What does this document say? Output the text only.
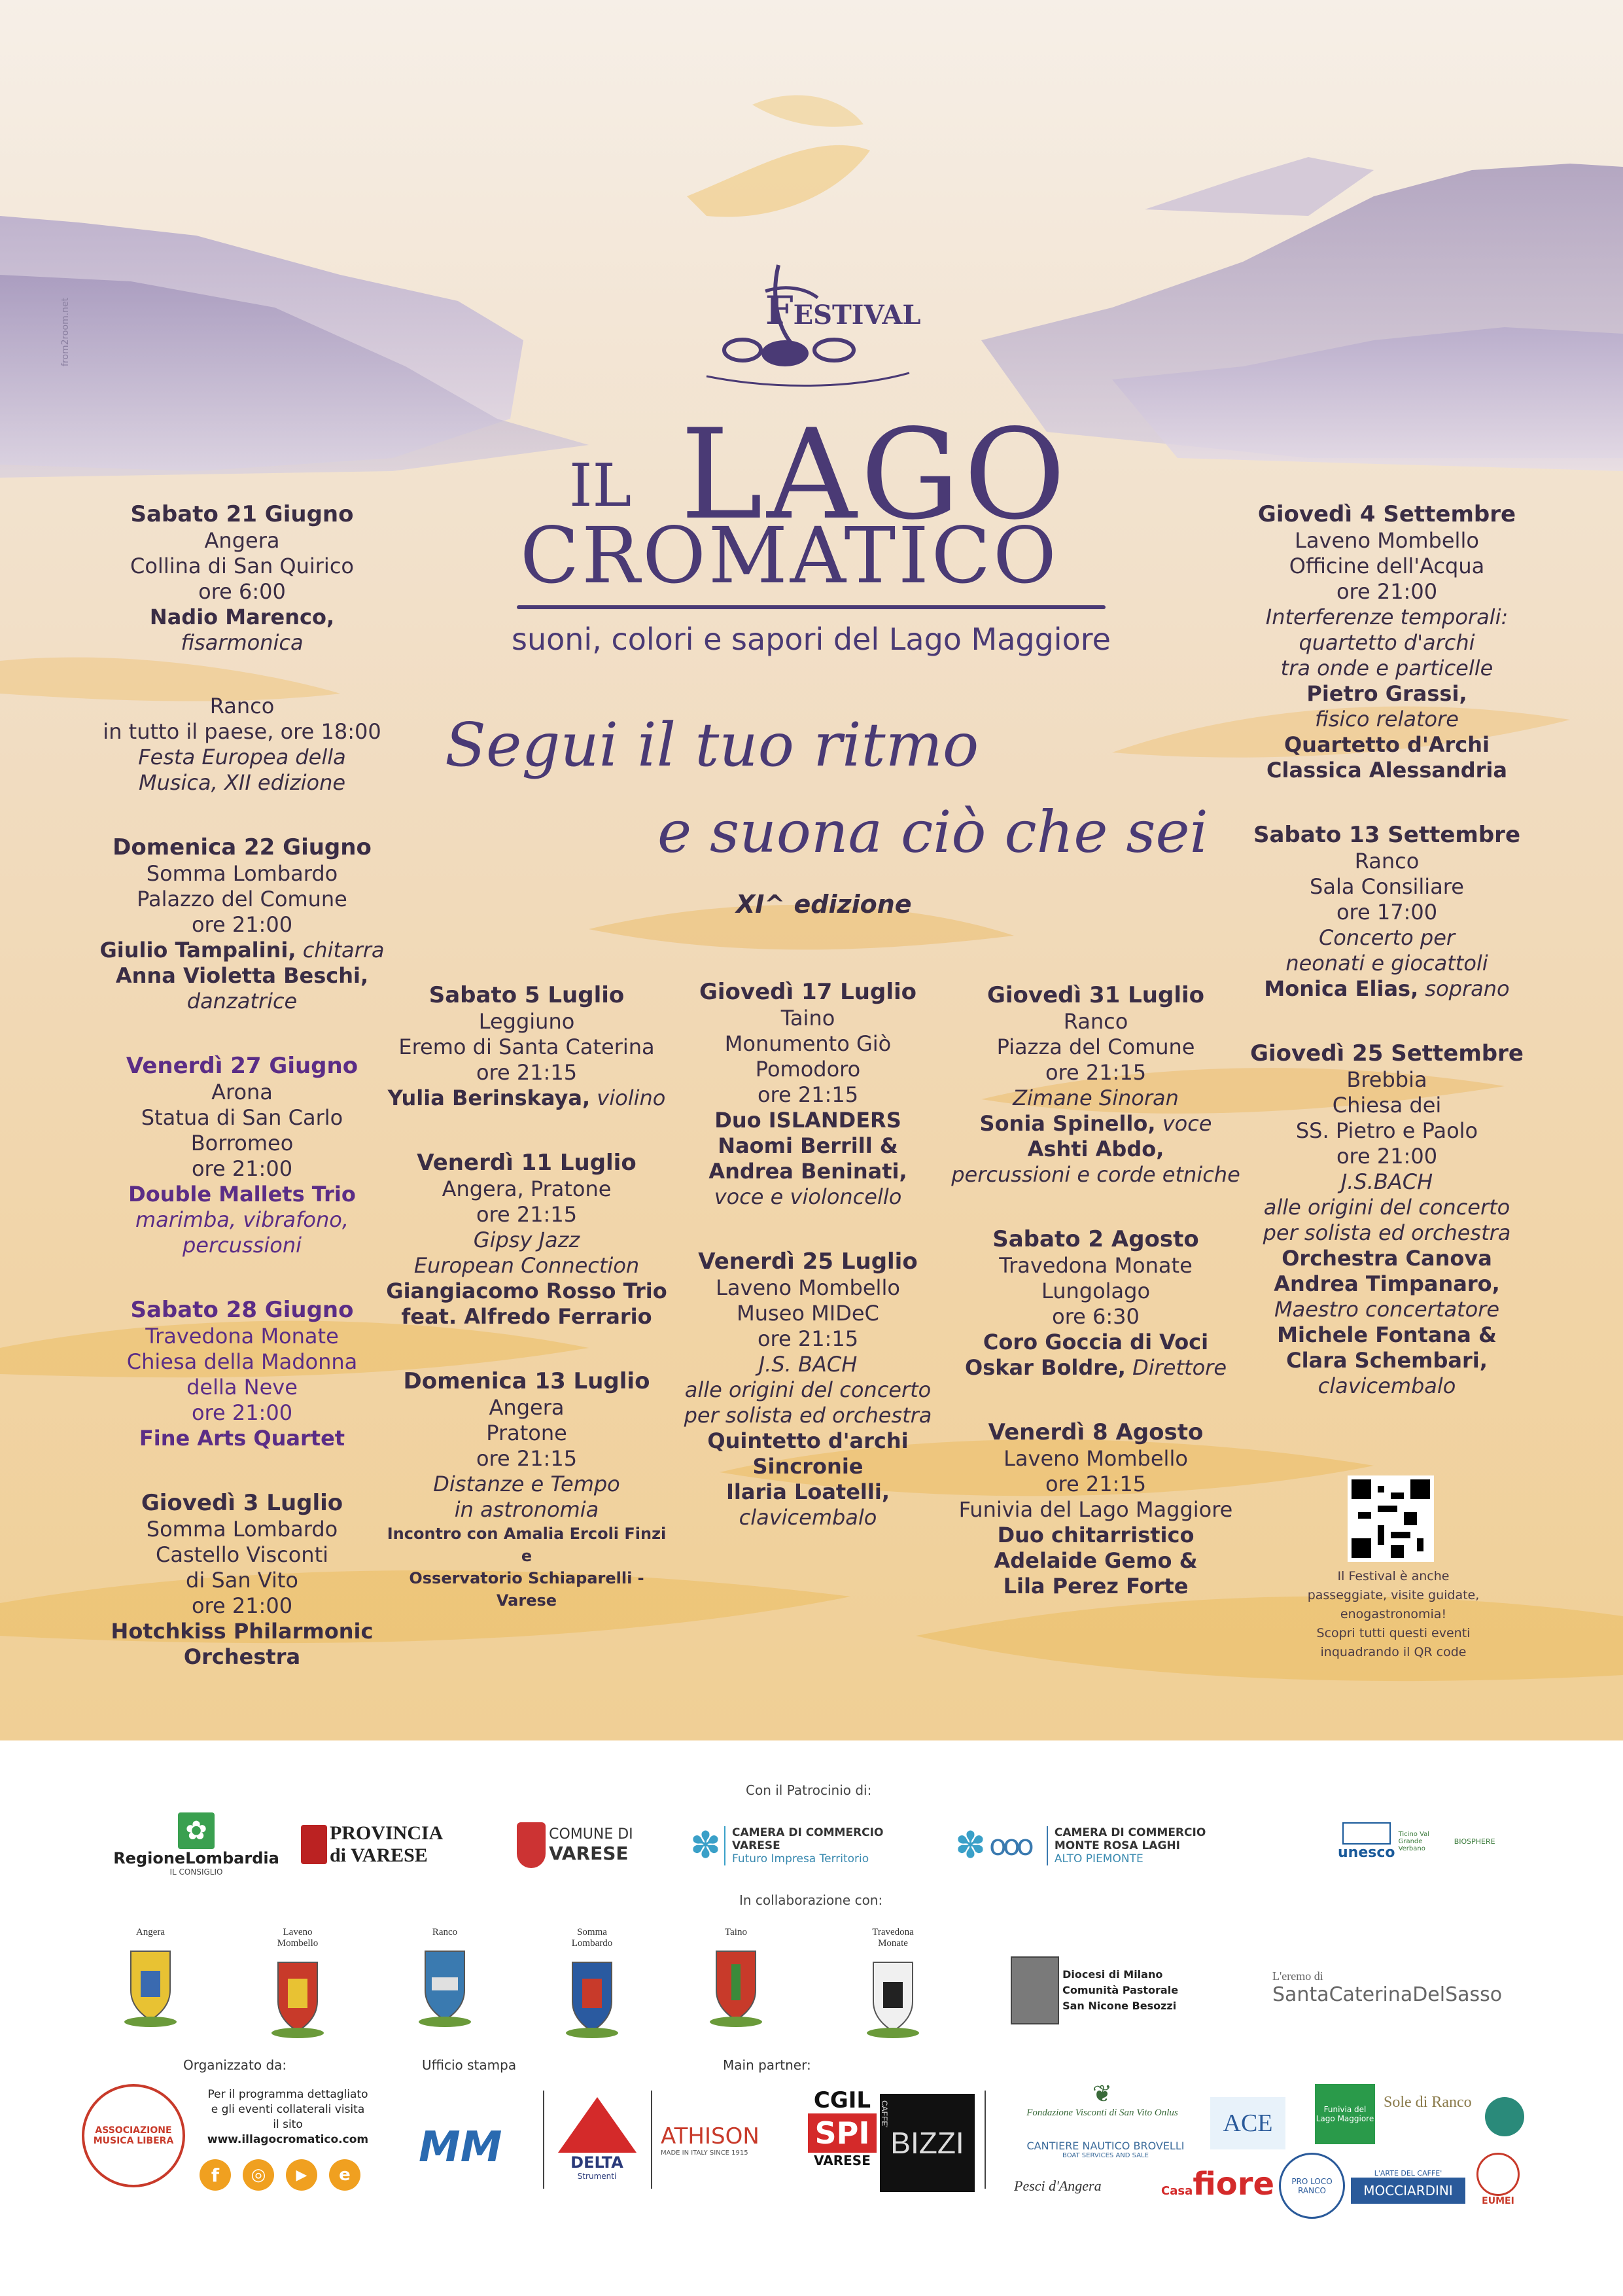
from2room.net	FESTIVAL
IL LAGO
CROMATICO
suoni, colori e sapori del Lago Maggiore
Segui il tuo ritmo
e suona ciò che sei
XI^ edizione
Sabato 21 Giugno
Angera
Collina di San Quirico
ore 6:00
Nadio Marenco,
fisarmonica
Ranco
in tutto il paese, ore 18:00
Festa Europea della
Musica, XII edizione
Domenica 22 Giugno
Somma Lombardo
Palazzo del Comune
ore 21:00
Giulio Tampalini, chitarra
Anna Violetta Beschi,
danzatrice
Venerdì 27 Giugno
Arona
Statua di San Carlo
Borromeo
ore 21:00
Double Mallets Trio
marimba, vibrafono,
percussioni
Sabato 28 Giugno
Travedona Monate
Chiesa della Madonna
della Neve
ore 21:00
Fine Arts Quartet
Giovedì 3 Luglio
Somma Lombardo
Castello Visconti
di San Vito
ore 21:00
Hotchkiss Philarmonic
Orchestra
Sabato 5 Luglio
Leggiuno
Eremo di Santa Caterina
ore 21:15
Yulia Berinskaya, violino
Venerdì 11 Luglio
Angera, Pratone
ore 21:15
Gipsy Jazz
European Connection
Giangiacomo Rosso Trio
feat. Alfredo Ferrario
Domenica 13 Luglio
Angera
Pratone
ore 21:15
Distanze e Tempo
in astronomia
Incontro con Amalia Ercoli Finzi e
Osservatorio Schiaparelli - Varese
Giovedì 17 Luglio
Taino
Monumento Giò
Pomodoro
ore 21:15
Duo ISLANDERS
Naomi Berrill &
Andrea Beninati,
voce e violoncello
Venerdì 25 Luglio
Laveno Mombello
Museo MIDeC
ore 21:15
J.S. BACH
alle origini del concerto
per solista ed orchestra
Quintetto d'archi
Sincronie
Ilaria Loatelli,
clavicembalo
Giovedì 31 Luglio
Ranco
Piazza del Comune
ore 21:15
Zimane Sinoran
Sonia Spinello, voce
Ashti Abdo,
percussioni e corde etniche
Sabato 2 Agosto
Travedona Monate
Lungolago
ore 6:30
Coro Goccia di Voci
Oskar Boldre, Direttore
Venerdì 8 Agosto
Laveno Mombello
ore 21:15
Funivia del Lago Maggiore
Duo chitarristico
Adelaide Gemo &
Lila Perez Forte
Giovedì 4 Settembre
Laveno Mombello
Officine dell'Acqua
ore 21:00
Interferenze temporali:
quartetto d'archi
tra onde e particelle
Pietro Grassi,
fisico relatore
Quartetto d'Archi
Classica Alessandria
Sabato 13 Settembre
Ranco
Sala Consiliare
ore 17:00
Concerto per
neonati e giocattoli
Monica Elias, soprano
Giovedì 25 Settembre
Brebbia
Chiesa dei
SS. Pietro e Paolo
ore 21:00
J.S.BACH
alle origini del concerto
per solista ed orchestra
Orchestra Canova
Andrea Timpanaro,
Maestro concertatore
Michele Fontana &
Clara Schembari,
clavicembalo
Il Festival è anche
passeggiate, visite guidate,
enogastronomia!
Scopri tutti questi eventi
inquadrando il QR code
Con il Patrocinio di:
✿
RegioneLombardia
IL CONSIGLIO

PROVINCIA
di VARESE

COMUNE DI
VARESE ✽ CAMERA DI COMMERCIO
VARESE
Futuro Impresa Territorio	✽ ooo CAMERA DI COMMERCIO
MONTE ROSA LAGHI
ALTO PIEMONTE	unesco
Ticino Val Grande Verbano BIOSPHERE
In collaborazione con:
Angera	Laveno Mombello
Ranco	Somma Lombardo
Taino	Travedona Monate

Diocesi di Milano
Comunità Pastorale
San Nicone Besozzi
L'eremo di
SantaCaterinaDelSasso
Organizzato da:	Ufficio stampa	Main partner:
ASSOCIAZIONE MUSICA LIBERA
Per il programma dettagliato
e gli eventi collaterali visita
il sito
www.illagocromatico.com
f	◎	▶	e
MM	DELTA
Strumenti
ATHISON
MADE IN ITALY SINCE 1915
CGIL
SPI
VARESE
BIZZI
CAFFE'
❦
Fondazione Visconti di San Vito Onlus
CANTIERE NAUTICO BROVELLI
BOAT SERVICES AND SALE
Pesci d'Angera	Casafiore
ACE
PRO LOCO RANCO
Funivia del Lago Maggiore
Sole di Ranco
L'ARTE DEL CAFFE'
MOCCIARDINI
EUMEI
